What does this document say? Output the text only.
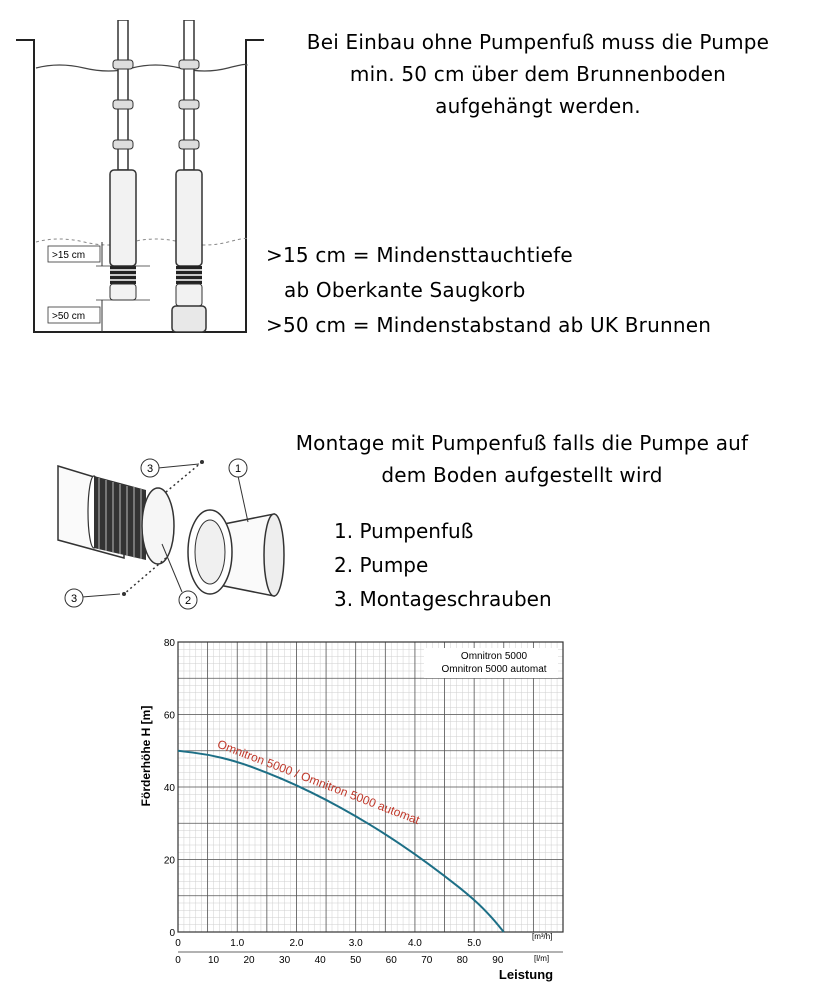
>15 cm
>50 cm
Bei Einbau ohne Pumpenfuß muss die Pumpe
min. 50 cm über dem Brunnenboden
aufgehängt werden.
>15 cm = Mindensttauchtiefe
ab Oberkante Saugkorb
>50 cm = Mindenstabstand ab UK Brunnen
Montage mit Pumpenfuß falls die Pumpe auf
dem Boden aufgestellt wird
1
2
3
3
1. Pumpenfuß
2. Pumpe
3. Montageschrauben
0
20
40
60
80
0	1.0	2.0	3.0	4.0	5.0
0	10 20 30 40 50 60 70 80 90
Omnitron 5000
Omnitron 5000 automat
Förderhöhe H [m]
Leistung
[m³/h]
[l/m]
Omnitron 5000 / Omnitron 5000 automat
